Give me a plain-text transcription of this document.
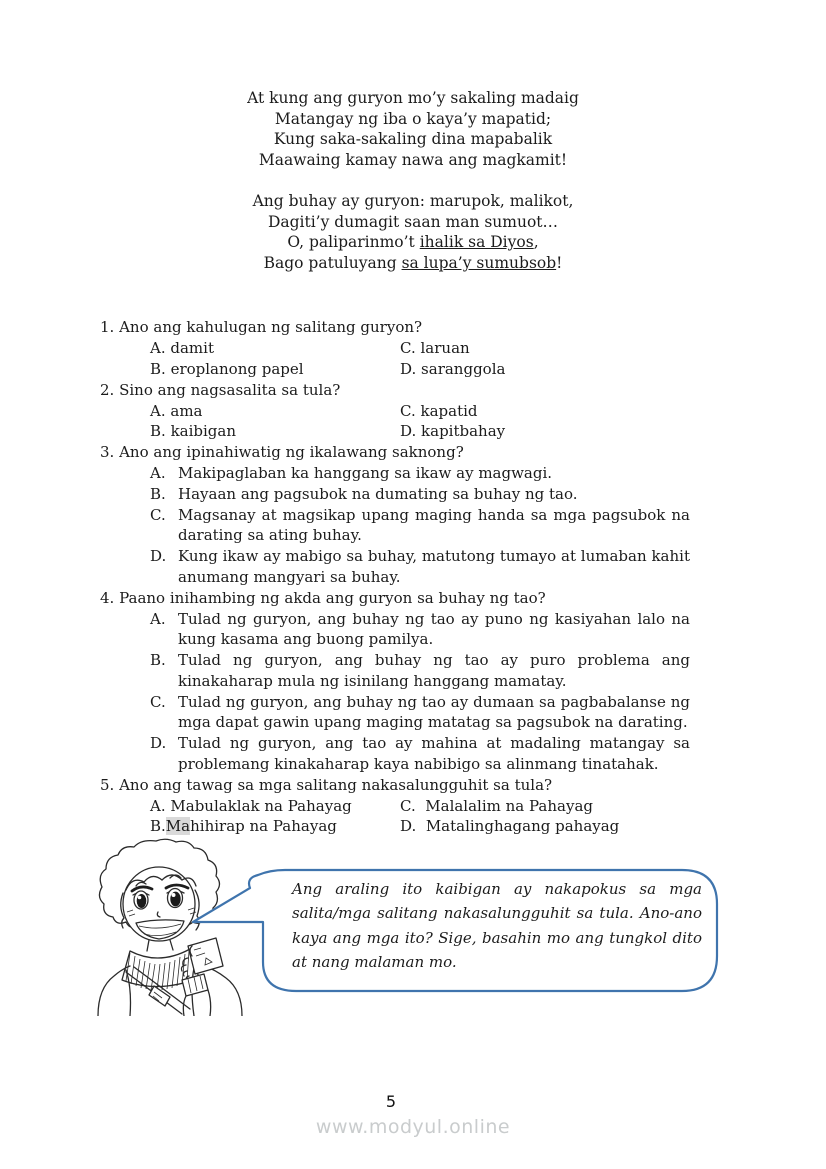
At kung ang guryon mo’y sakaling madaig
Matangay ng iba o kaya’y mapatid;
Kung saka-sakaling dina mapabalik
Maawaing kamay nawa ang magkamit!
Ang buhay ay guryon: marupok, malikot,
Dagiti’y dumagit saan man sumuot…
O, paliparinmo’t ihalik sa Diyos,
Bago patuluyang sa lupa’y sumubsob!
1. Ano ang kahulugan ng salitang guryon?
A. damit	C. laruan
B. eroplanong papel	D. saranggola
2. Sino ang nagsasalita sa tula?
A. ama	C. kapatid
B. kaibigan	D. kapitbahay
3. Ano ang ipinahiwatig ng ikalawang saknong?
A. Makipaglaban ka hanggang sa ikaw ay magwagi.
B. Hayaan ang pagsubok na dumating sa buhay ng tao.
C. Magsanay at magsikap upang maging handa sa mga pagsubok na darating sa ating buhay.
D. Kung ikaw ay mabigo sa buhay, matutong tumayo at lumaban kahit anumang mangyari sa buhay.
4. Paano inihambing ng akda ang guryon sa buhay ng tao?
A. Tulad ng guryon, ang buhay ng tao ay puno ng kasiyahan lalo na kung kasama ang buong pamilya.
B. Tulad ng guryon, ang buhay ng tao ay puro problema ang kinakaharap mula ng isinilang hanggang mamatay.
C. Tulad ng guryon, ang buhay ng tao ay dumaan sa pagbabalanse ng mga dapat gawin upang maging matatag sa pagsubok na darating.
D. Tulad ng guryon, ang tao ay mahina at madaling matangay sa problemang kinakaharap kaya nabibigo sa alinmang tinatahak.
5. Ano ang tawag sa mga salitang nakasalungguhit sa tula?
A. Mabulaklak na Pahayag	C. Malalalim na Pahayag
B.Mahihirap na Pahayag	D. Matalinghagang pahayag
Ang araling ito kaibigan ay nakapokus sa mga salita/mga salitang nakasalungguhit sa tula. Ano-ano kaya ang mga ito? Sige, basahin mo ang tungkol dito at nang malaman mo.
5
www.modyul.online
